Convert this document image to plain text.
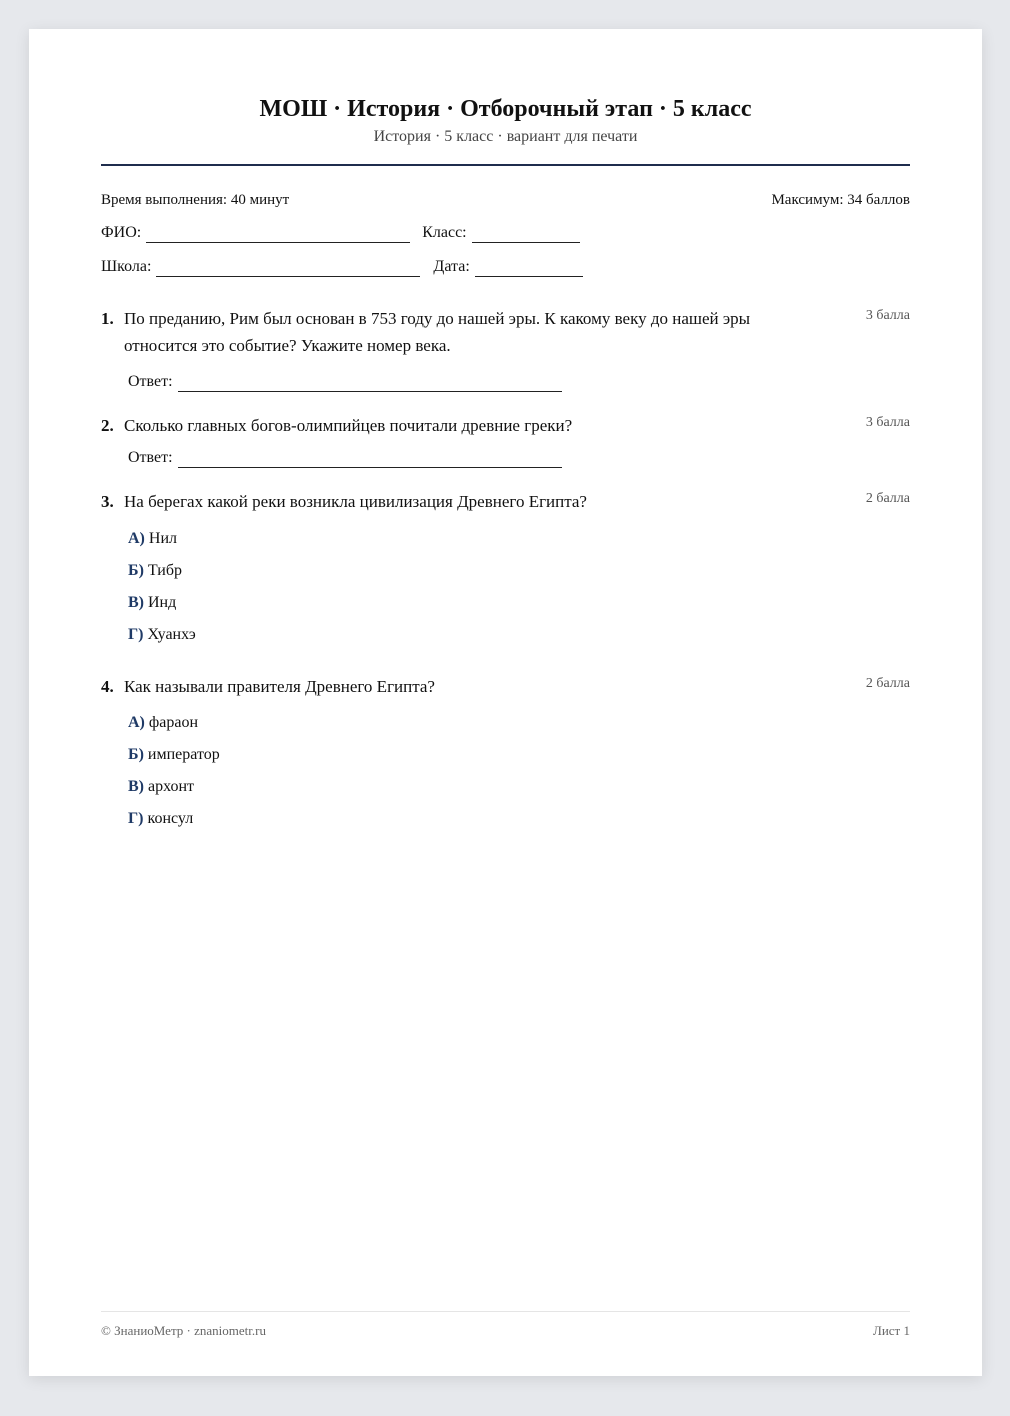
МОШ · История · Отборочный этап · 5 класс
История · 5 класс · вариант для печати
Время выполнения: 40 минут	Максимум: 34 баллов
ФИО:	Класс:
Школа:	Дата:
1. По преданию, Рим был основан в 753 году до нашей эры. К какому веку до нашей эры относится это событие? Укажите номер века.
3 балла
Ответ:
2. Сколько главных богов-олимпийцев почитали древние греки?	3 балла
Ответ:
3. На берегах какой реки возникла цивилизация Древнего Египта?	2 балла
А) Нил
Б) Тибр
В) Инд
Г) Хуанхэ
4. Как называли правителя Древнего Египта?	2 балла
А) фараон
Б) император
В) архонт
Г) консул
© ЗнаниоМетр · znaniometr.ru	Лист 1
